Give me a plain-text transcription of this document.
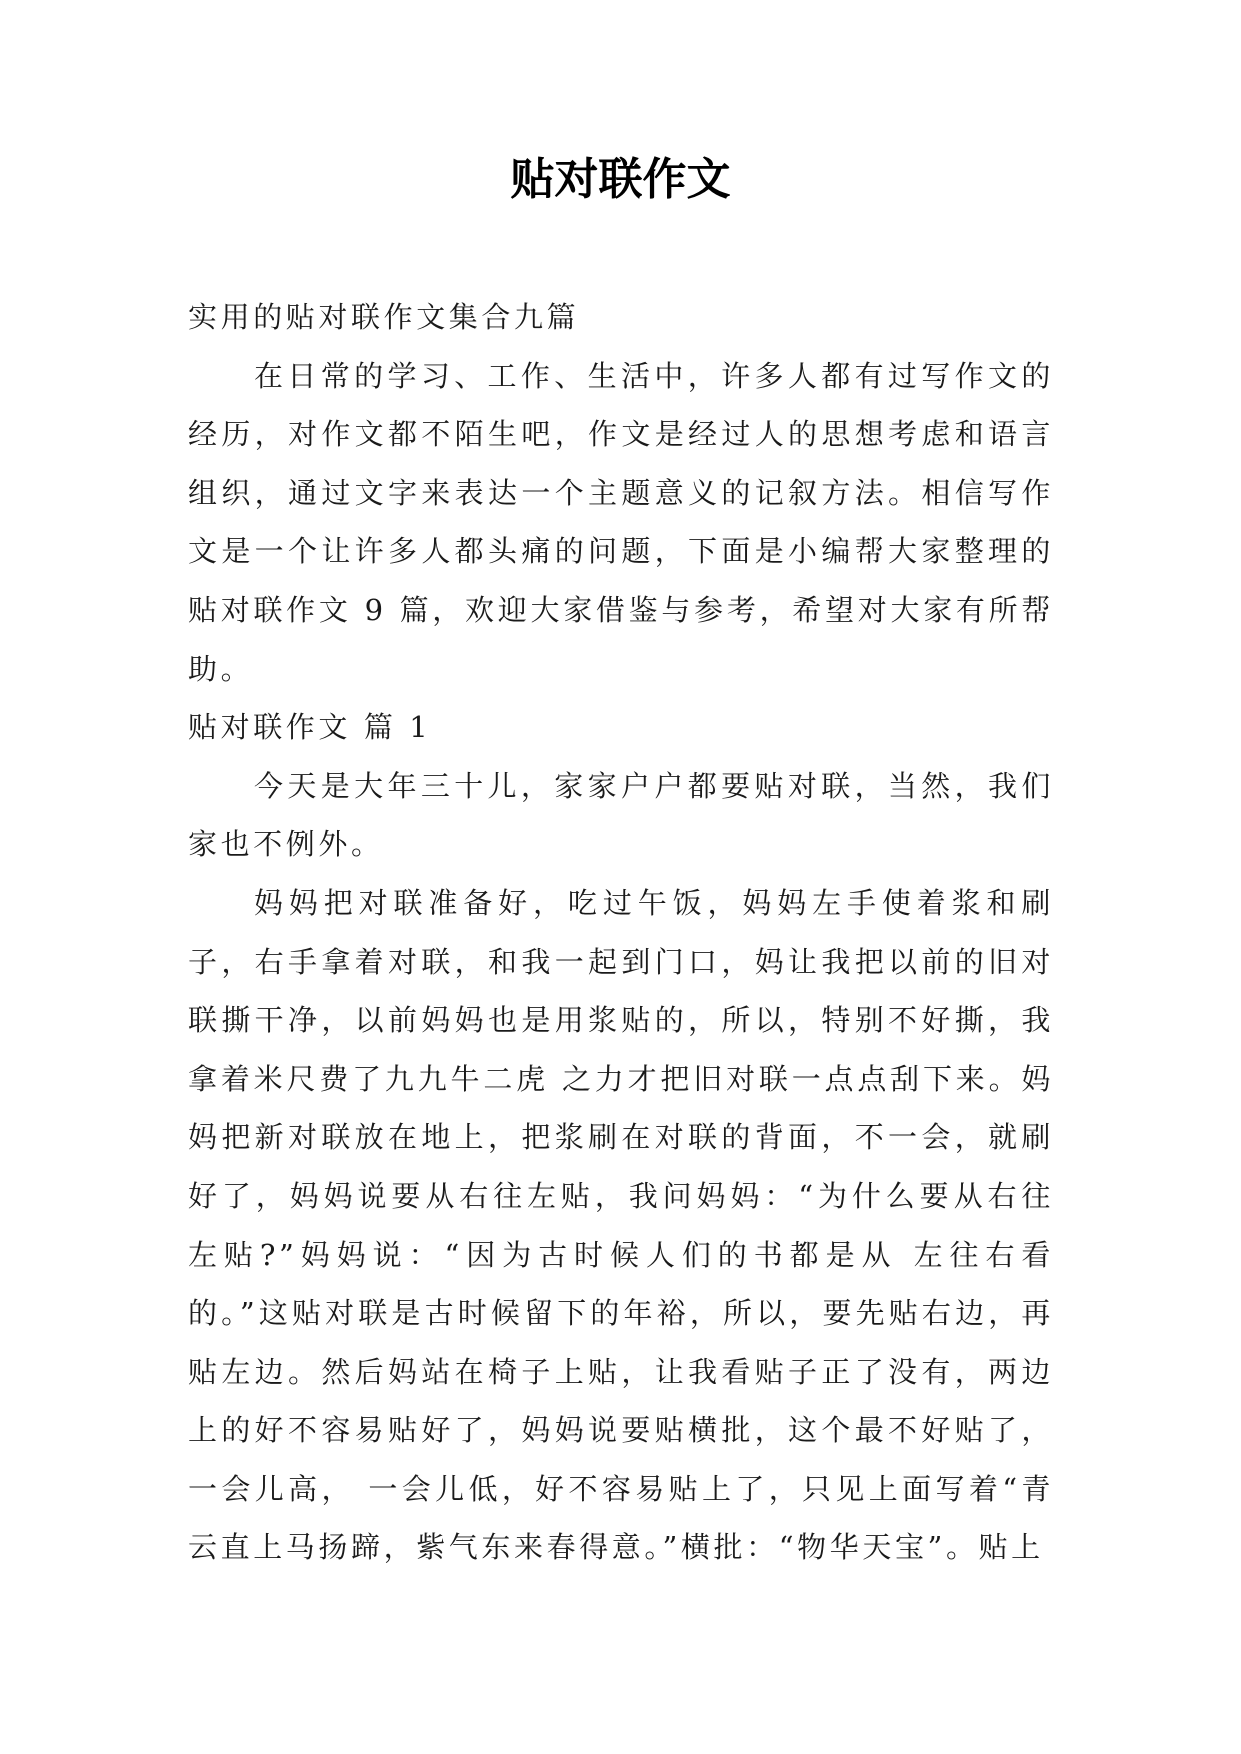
贴对联作文

实用的贴对联作文集合九篇

在日常的学习、工作、生活中，许多人都有过写作文的经历，对作文都不陌生吧，作文是经过人的思想考虑和语言组织，通过文字来表达一个主题意义的记叙方法。相信写作文是一个让许多人都头痛的问题，下面是小编帮大家整理的贴对联作文 9 篇，欢迎大家借鉴与参考，希望对大家有所帮助。

贴对联作文 篇 1

今天是大年三十儿，家家户户都要贴对联，当然，我们家也不例外。

妈妈把对联准备好，吃过午饭，妈妈左手使着浆和刷子，右手拿着对联，和我一起到门口，妈让我把以前的旧对联撕干净，以前妈妈也是用浆贴的，所以，特别不好撕，我拿着米尺费了九九牛二虎 之力才把旧对联一点点刮下来。妈妈把新对联放在地上，把浆刷在对联的背面，不一会，就刷好了，妈妈说要从右往左贴，我问妈妈：“为什么要从右往左贴?”妈妈说：“因为古时候人们的书都是从 左往右看的。”这贴对联是古时候留下的年裕，所以，要先贴右边，再贴左边。然后妈站在椅子上贴，让我看贴子正了没有，两边上的好不容易贴好了，妈妈说要贴横批，这个最不好贴了，一会儿高， 一会儿低，好不容易贴上了，只见上面写着“青云直上马扬蹄，紫气东来春得意。”横批：“物华天宝”。贴上
